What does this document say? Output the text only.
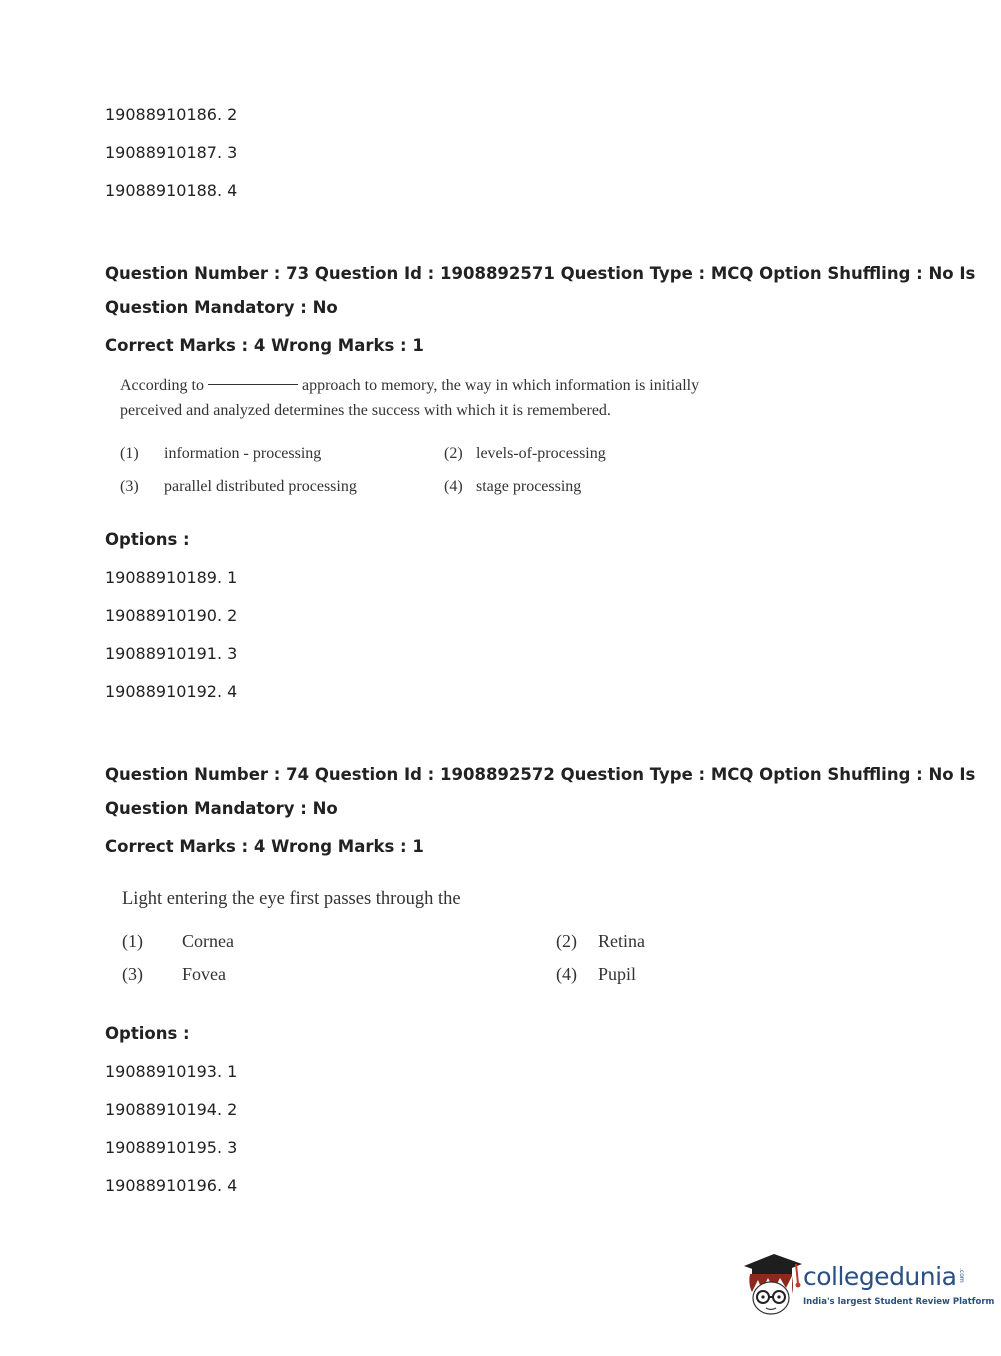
19088910186. 2
19088910187. 3
19088910188. 4
Question Number : 73 Question Id : 1908892571 Question Type : MCQ Option Shuffling : No Is
Question Mandatory : No
Correct Marks : 4 Wrong Marks : 1
According to	approach to memory, the way in which information is initially
perceived and analyzed determines the success with which it is remembered.
(1) information - processing	(2) levels-of-processing
(3) parallel distributed processing	(4) stage processing
Options :
19088910189. 1
19088910190. 2
19088910191. 3
19088910192. 4
Question Number : 74 Question Id : 1908892572 Question Type : MCQ Option Shuffling : No Is
Question Mandatory : No
Correct Marks : 4 Wrong Marks : 1
Light entering the eye first passes through the
(1) Cornea	(2) Retina
(3) Fovea	(4) Pupil
Options :
19088910193. 1
19088910194. 2
19088910195. 3
19088910196. 4
collegedunia .com
India's largest Student Review Platform
